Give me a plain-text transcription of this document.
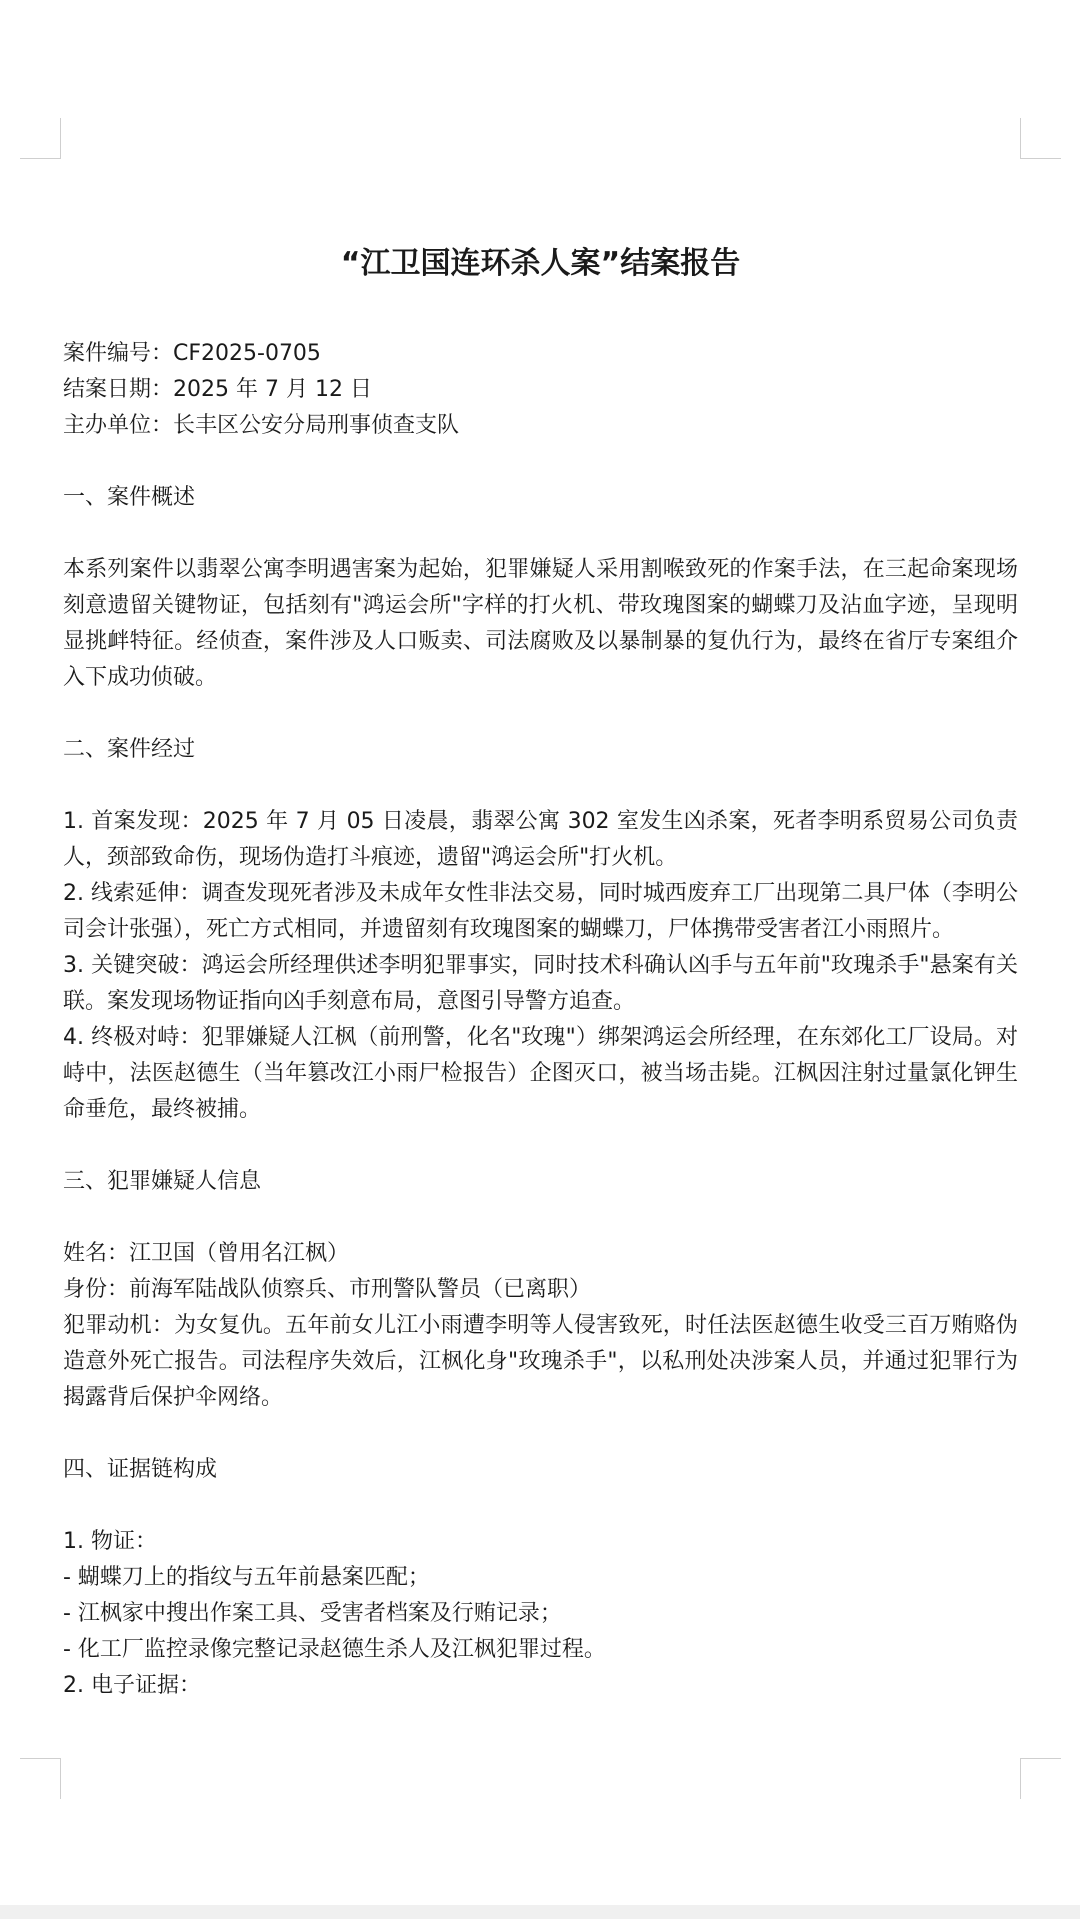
“江卫国连环杀人案”结案报告

案件编号：CF2025-0705

结案日期：2025 年 7 月 12 日

主办单位：长丰区公安分局刑事侦查支队

一、案件概述

本系列案件以翡翠公寓李明遇害案为起始，犯罪嫌疑人采用割喉致死的作案手法，在三起命案现场刻意遗留关键物证，包括刻有"鸿运会所"字样的打火机、带玫瑰图案的蝴蝶刀及沾血字迹，呈现明显挑衅特征。经侦查，案件涉及人口贩卖、司法腐败及以暴制暴的复仇行为，最终在省厅专案组介入下成功侦破。

二、案件经过

1. 首案发现：2025 年 7 月 05 日凌晨，翡翠公寓 302 室发生凶杀案，死者李明系贸易公司负责人，颈部致命伤，现场伪造打斗痕迹，遗留"鸿运会所"打火机。

2. 线索延伸：调查发现死者涉及未成年女性非法交易，同时城西废弃工厂出现第二具尸体（李明公司会计张强），死亡方式相同，并遗留刻有玫瑰图案的蝴蝶刀，尸体携带受害者江小雨照片。

3. 关键突破：鸿运会所经理供述李明犯罪事实，同时技术科确认凶手与五年前"玫瑰杀手"悬案有关联。案发现场物证指向凶手刻意布局，意图引导警方追查。

4. 终极对峙：犯罪嫌疑人江枫（前刑警，化名"玫瑰"）绑架鸿运会所经理，在东郊化工厂设局。对峙中，法医赵德生（当年篡改江小雨尸检报告）企图灭口，被当场击毙。江枫因注射过量氯化钾生命垂危，最终被捕。

三、犯罪嫌疑人信息

姓名：江卫国（曾用名江枫）

身份：前海军陆战队侦察兵、市刑警队警员（已离职）

犯罪动机：为女复仇。五年前女儿江小雨遭李明等人侵害致死，时任法医赵德生收受三百万贿赂伪造意外死亡报告。司法程序失效后，江枫化身"玫瑰杀手"，以私刑处决涉案人员，并通过犯罪行为揭露背后保护伞网络。

四、证据链构成

1. 物证：

- 蝴蝶刀上的指纹与五年前悬案匹配；

- 江枫家中搜出作案工具、受害者档案及行贿记录；

- 化工厂监控录像完整记录赵德生杀人及江枫犯罪过程。

2. 电子证据：
